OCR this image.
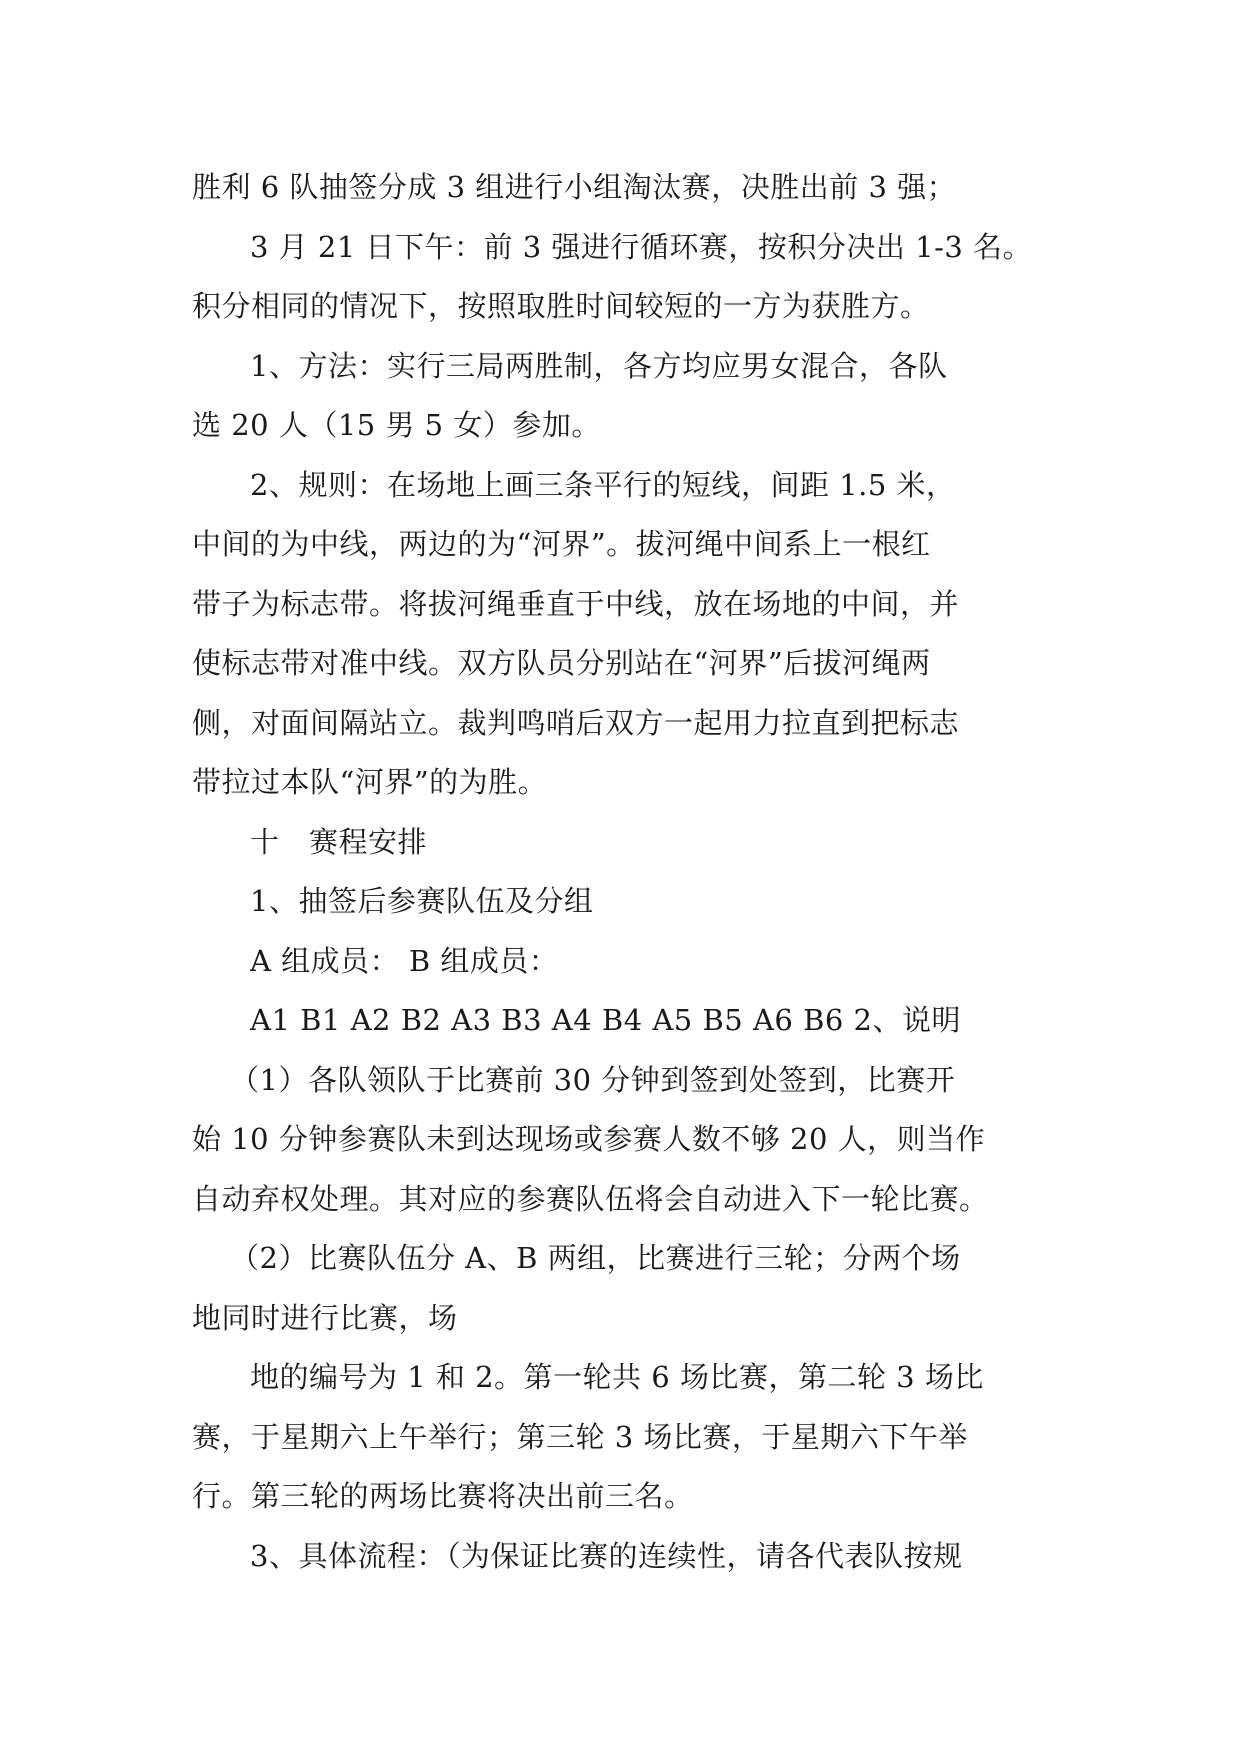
胜利 6 队抽签分成 3 组进行小组淘汰赛，决胜出前 3 强；
3 月 21 日下午：前 3 强进行循环赛，按积分决出 1-3 名。
积分相同的情况下，按照取胜时间较短的一方为获胜方。
1、方法：实行三局两胜制，各方均应男女混合，各队
选 20 人（15 男 5 女）参加。
2、规则：在场地上画三条平行的短线，间距 1.5 米，
中间的为中线，两边的为“河界”。拔河绳中间系上一根红
带子为标志带。将拔河绳垂直于中线，放在场地的中间，并
使标志带对准中线。双方队员分别站在“河界”后拔河绳两
侧，对面间隔站立。裁判鸣哨后双方一起用力拉直到把标志
带拉过本队“河界”的为胜。
十　赛程安排
1、抽签后参赛队伍及分组
A 组成员： B 组成员：
A1 B1 A2 B2 A3 B3 A4 B4 A5 B5 A6 B6 2、说明
（1）各队领队于比赛前 30 分钟到签到处签到，比赛开
始 10 分钟参赛队未到达现场或参赛人数不够 20 人，则当作
自动弃权处理。其对应的参赛队伍将会自动进入下一轮比赛。
（2）比赛队伍分 A、B 两组，比赛进行三轮；分两个场
地同时进行比赛，场
地的编号为 1 和 2。第一轮共 6 场比赛，第二轮 3 场比
赛，于星期六上午举行；第三轮 3 场比赛，于星期六下午举
行。第三轮的两场比赛将决出前三名。
3、具体流程：（为保证比赛的连续性，请各代表队按规
